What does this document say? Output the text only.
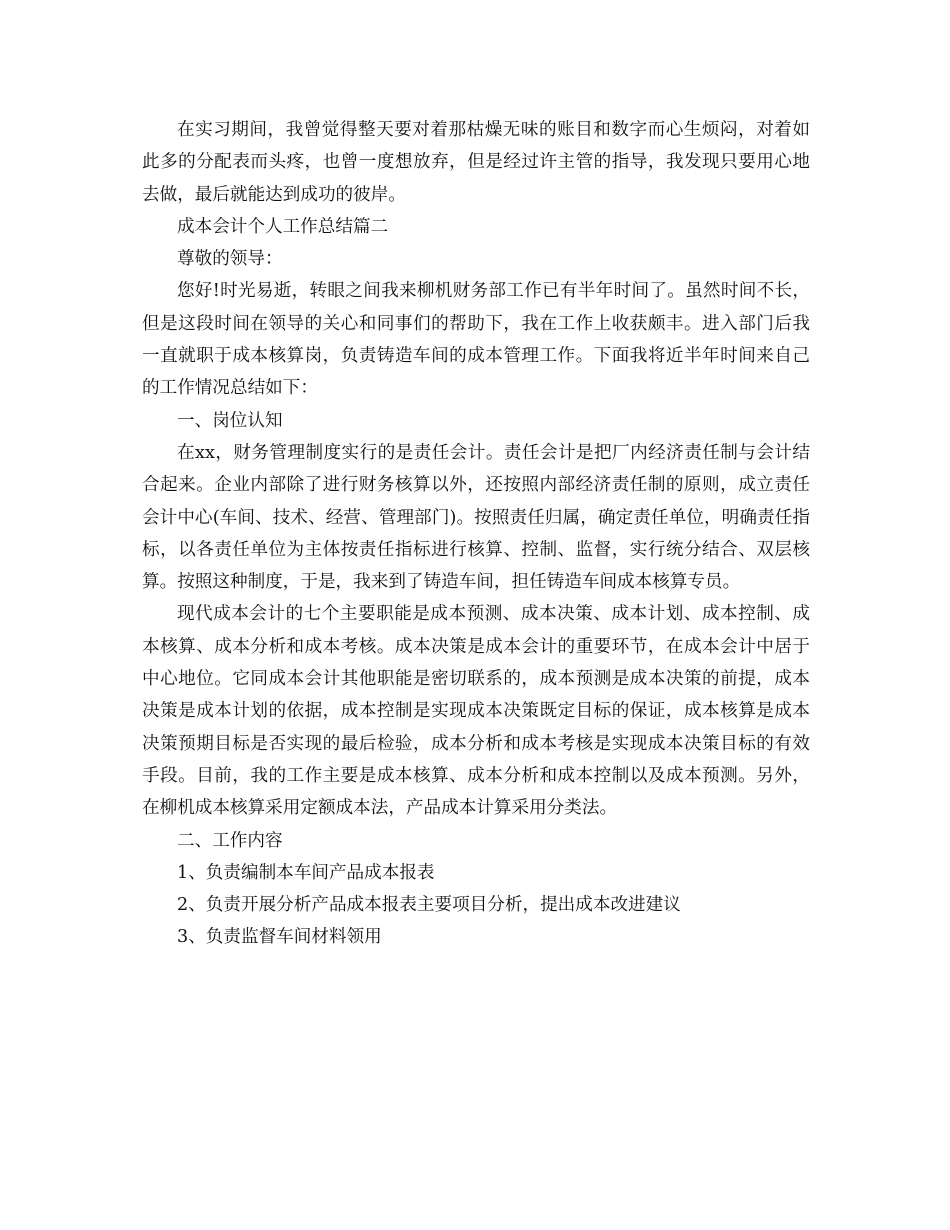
在实习期间，我曾觉得整天要对着那枯燥无味的账目和数字而心生烦闷，对着如此多的分配表而头疼，也曾一度想放弃，但是经过许主管的指导，我发现只要用心地去做，最后就能达到成功的彼岸。

成本会计个人工作总结篇二

尊敬的领导：

您好!时光易逝，转眼之间我来柳机财务部工作已有半年时间了。虽然时间不长，但是这段时间在领导的关心和同事们的帮助下，我在工作上收获颇丰。进入部门后我一直就职于成本核算岗，负责铸造车间的成本管理工作。下面我将近半年时间来自己的工作情况总结如下：

一、岗位认知

在xx，财务管理制度实行的是责任会计。责任会计是把厂内经济责任制与会计结合起来。企业内部除了进行财务核算以外，还按照内部经济责任制的原则，成立责任会计中心(车间、技术、经营、管理部门)。按照责任归属，确定责任单位，明确责任指标，以各责任单位为主体按责任指标进行核算、控制、监督，实行统分结合、双层核算。按照这种制度，于是，我来到了铸造车间，担任铸造车间成本核算专员。

现代成本会计的七个主要职能是成本预测、成本决策、成本计划、成本控制、成本核算、成本分析和成本考核。成本决策是成本会计的重要环节，在成本会计中居于中心地位。它同成本会计其他职能是密切联系的，成本预测是成本决策的前提，成本决策是成本计划的依据，成本控制是实现成本决策既定目标的保证，成本核算是成本决策预期目标是否实现的最后检验，成本分析和成本考核是实现成本决策目标的有效手段。目前，我的工作主要是成本核算、成本分析和成本控制以及成本预测。另外，在柳机成本核算采用定额成本法，产品成本计算采用分类法。

二、工作内容

1、负责编制本车间产品成本报表

2、负责开展分析产品成本报表主要项目分析，提出成本改进建议

3、负责监督车间材料领用
